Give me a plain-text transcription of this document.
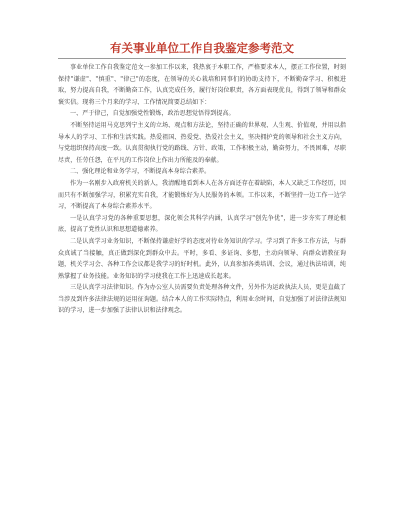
有关事业单位工作自我鉴定参考范文

事业单位工作自我鉴定范文一参加工作以来，我热衷于本职工作，严格要求本人，摆正工作位置，时刻保持"谦虚"、"慎重"、"律己"的态度，在领导的关心栽培和同事们的协助支持下，不断勤奋学习、积极进取，努力提高自我，不断勤奋工作，认真完成任务，履行好岗位职责，各方面表现优良，得到了领导和群众褒实信。现将三个月来的学习、工作情况简要总结如下：

一、严于律己，自觉加强党性锻炼，政治思想觉悟得到提高。

不断坚持运用马克思列宁主义的立场、观点和方法论，坚持正确的世界观、人生观、价值观，并用以指导本人的学习、工作和生活实践。热爱祖国、热爱党、热爱社会主义，坚决拥护党的领导和社会主义方向，与党组织保持高度一致。认真贯彻执行党的路线、方针、政策，工作积极主动，勤奋努力，不畏困难，尽职尽责，任劳任怨，在平凡的工作岗位上作出力所能及的奉献。

二、强化理论和业务学习，不断提高本身综合素养。

作为一名刚步入政府机关的新人，我清醒地看到本人在各方面还存在着缺陷，本人又缺乏工作经历，因而只有不断加强学习，积累充实自我，才能锻炼好为人民服务的本领。工作以来，不断坚持一边工作一边学习，不断提高了本身综合素养水平。

一是认真学习党的各种重要思想，深化领会其科学内涵，认真学习"创先争优"，进一步夯实了理论根底，提高了党性认识和思想道德素养。

二是认真学习业务知识，不断保持谦虚好学的态度对待业务知识的学习。学习到了许多工作方法，与群众真诚了当接触，真正做到深化到群众中去。平时，多看、多证询、多想，主动向领导、向群众请教征询题，机关学习会、各种工作会议都是我学习的好时机。此外，认真参加各类培训、会议，通过执法培训，纯熟掌握了业务技能。业务知识的学习使我在工作上迅速成长起来。

三是认真学习法律知识。作为办公室人员需要负责处理各种文件，另外作为运政执法人员，更是直截了当涉及到许多法律法规的运用征询题。结合本人的工作实际特点，利用业余时间，自觉加强了对法律法规知识的学习，进一步加强了法律认识和法律观念。
